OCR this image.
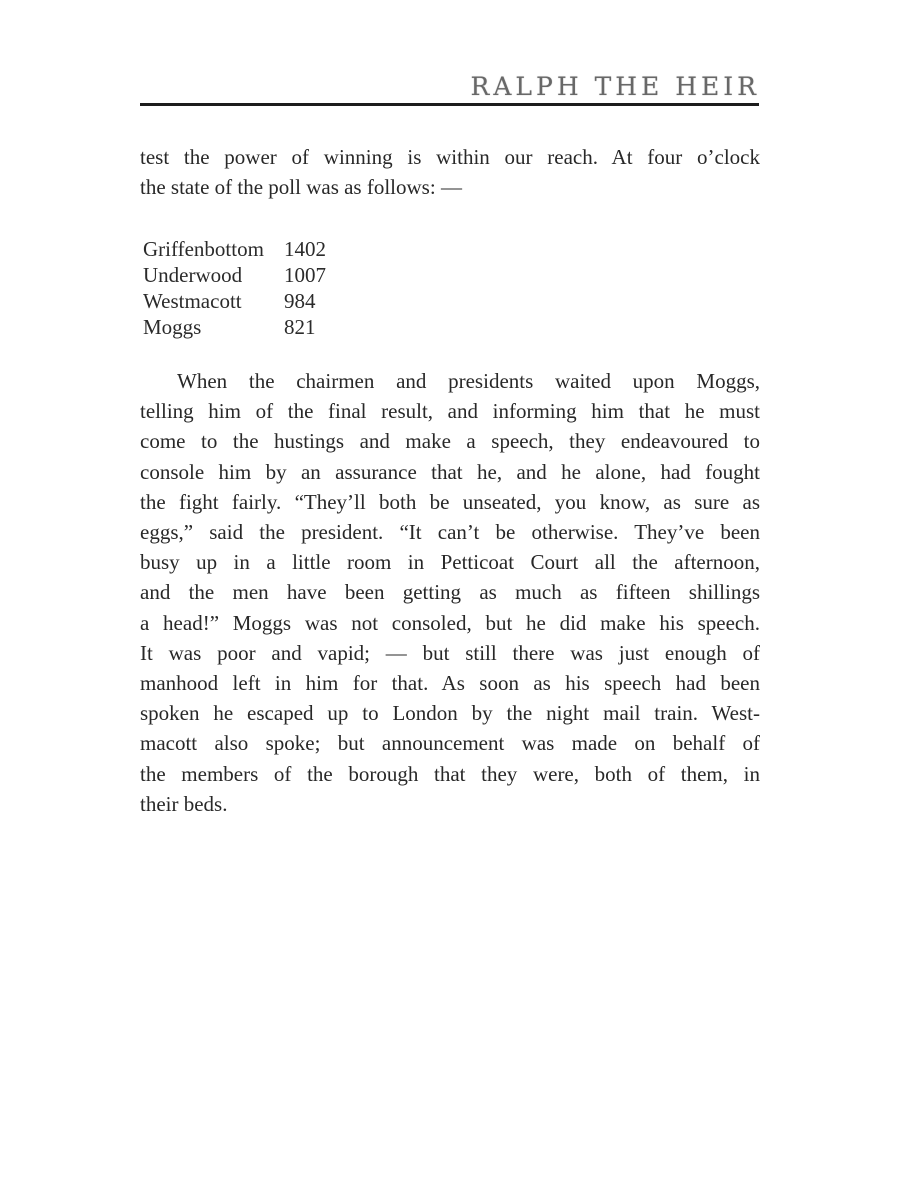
RALPH THE HEIR
test the power of winning is within our reach. At four o’clock
the state of the poll was as follows: —
Griffenbottom 1402
Underwood	1007
Westmacott	984
Moggs	821
When the chairmen and presidents waited upon Moggs,
telling him of the final result, and informing him that he must
come to the hustings and make a speech, they endeavoured to
console him by an assurance that he, and he alone, had fought
the fight fairly. “They’ll both be unseated, you know, as sure as
eggs,” said the president. “It can’t be otherwise. They’ve been
busy up in a little room in Petticoat Court all the afternoon,
and the men have been getting as much as fifteen shillings
a head!” Moggs was not consoled, but he did make his speech.
It was poor and vapid; — but still there was just enough of
manhood left in him for that. As soon as his speech had been
spoken he escaped up to London by the night mail train. West-
macott also spoke; but announcement was made on behalf of
the members of the borough that they were, both of them, in
their beds.
